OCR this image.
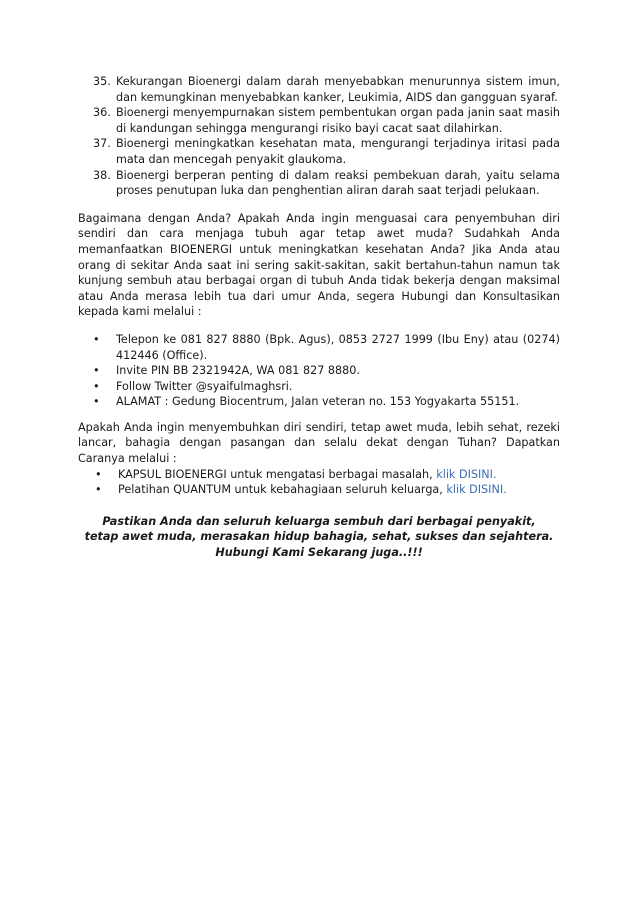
35. Kekurangan Bioenergi dalam darah menyebabkan menurunnya sistem imun, dan kemungkinan menyebabkan kanker, Leukimia, AIDS dan gangguan syaraf.
36. Bioenergi menyempurnakan sistem pembentukan organ pada janin saat masih di kandungan sehingga mengurangi risiko bayi cacat saat dilahirkan.
37. Bioenergi meningkatkan kesehatan mata, mengurangi terjadinya iritasi pada mata dan mencegah penyakit glaukoma.
38. Bioenergi berperan penting di dalam reaksi pembekuan darah, yaitu selama proses penutupan luka dan penghentian aliran darah saat terjadi pelukaan.

Bagaimana dengan Anda? Apakah Anda ingin menguasai cara penyembuhan diri sendiri dan cara menjaga tubuh agar tetap awet muda? Sudahkah Anda memanfaatkan BIOENERGI untuk meningkatkan kesehatan Anda? Jika Anda atau orang di sekitar Anda saat ini sering sakit-sakitan, sakit bertahun-tahun namun tak kunjung sembuh atau berbagai organ di tubuh Anda tidak bekerja dengan maksimal atau Anda merasa lebih tua dari umur Anda, segera Hubungi dan Konsultasikan kepada kami melalui :

• Telepon ke 081 827 8880 (Bpk. Agus), 0853 2727 1999 (Ibu Eny) atau (0274) 412446 (Office).
• Invite PIN BB 2321942A, WA 081 827 8880.
• Follow Twitter @syaifulmaghsri.
• ALAMAT : Gedung Biocentrum, Jalan veteran no. 153 Yogyakarta 55151.

Apakah Anda ingin menyembuhkan diri sendiri, tetap awet muda, lebih sehat, rezeki lancar, bahagia dengan pasangan dan selalu dekat dengan Tuhan? Dapatkan Caranya melalui :

• KAPSUL BIOENERGI untuk mengatasi berbagai masalah, klik DISINI.
• Pelatihan QUANTUM untuk kebahagiaan seluruh keluarga, klik DISINI.
Pastikan Anda dan seluruh keluarga sembuh dari berbagai penyakit, tetap awet muda, merasakan hidup bahagia, sehat, sukses dan sejahtera.
Hubungi Kami Sekarang juga..!!!
